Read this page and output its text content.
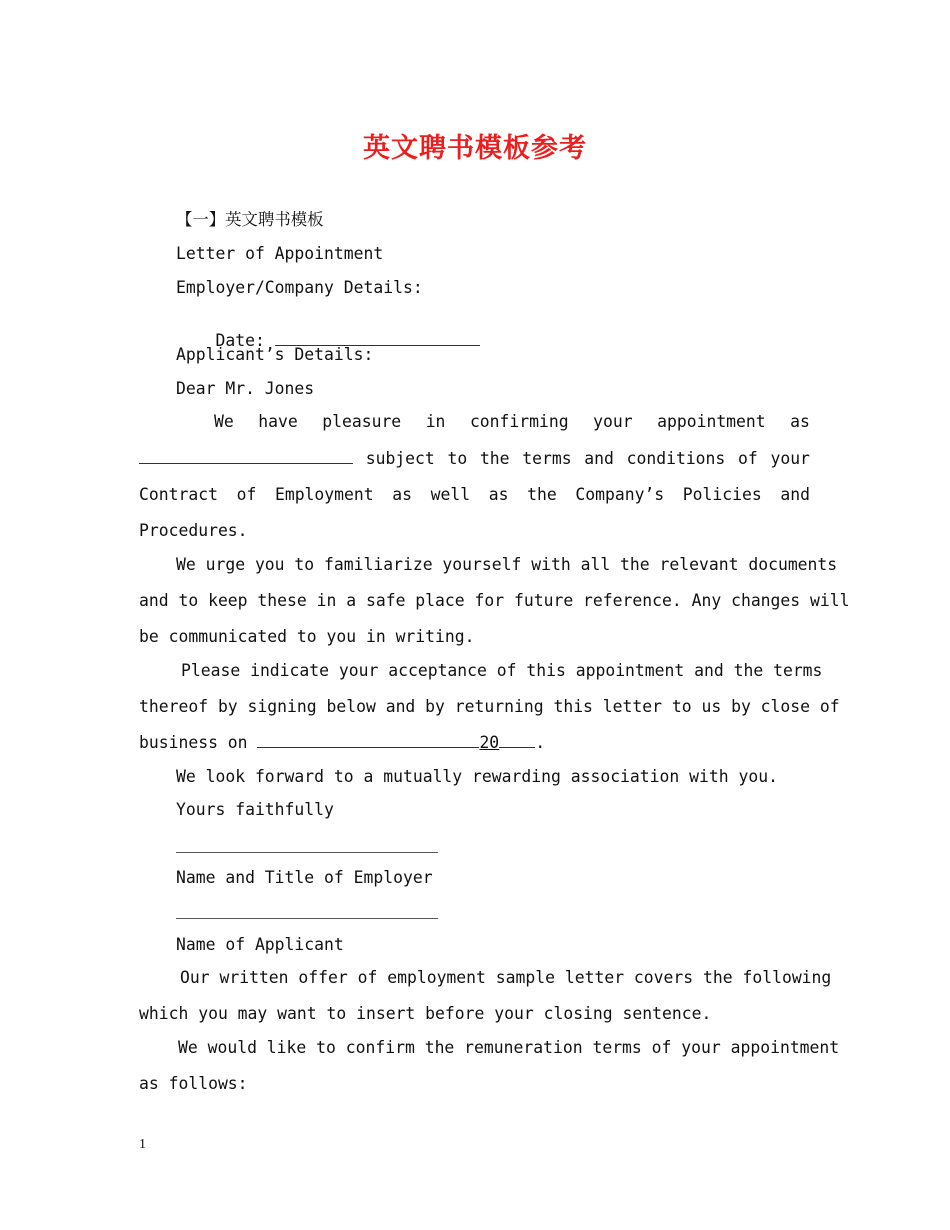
英文聘书模板参考
【一】英文聘书模板
Letter of Appointment
Employer/Company Details:

Date:

Applicant’s Details:
Dear Mr. Jones
We have pleasure in confirming your appointment as
subject to the terms and conditions of your
Contract of Employment as well as the Company’s Policies and
Procedures.
We urge you to familiarize yourself with all the relevant documents
and to keep these in a safe place for future reference. Any changes will
be communicated to you in writing.
Please indicate your acceptance of this appointment and the terms
thereof by signing below and by returning this letter to us by close of
business on	20 .
We look forward to a mutually rewarding association with you.
Yours faithfully
Name and Title of Employer
Name of Applicant
Our written offer of employment sample letter covers the following
which you may want to insert before your closing sentence.
We would like to confirm the remuneration terms of your appointment
as follows:
1
